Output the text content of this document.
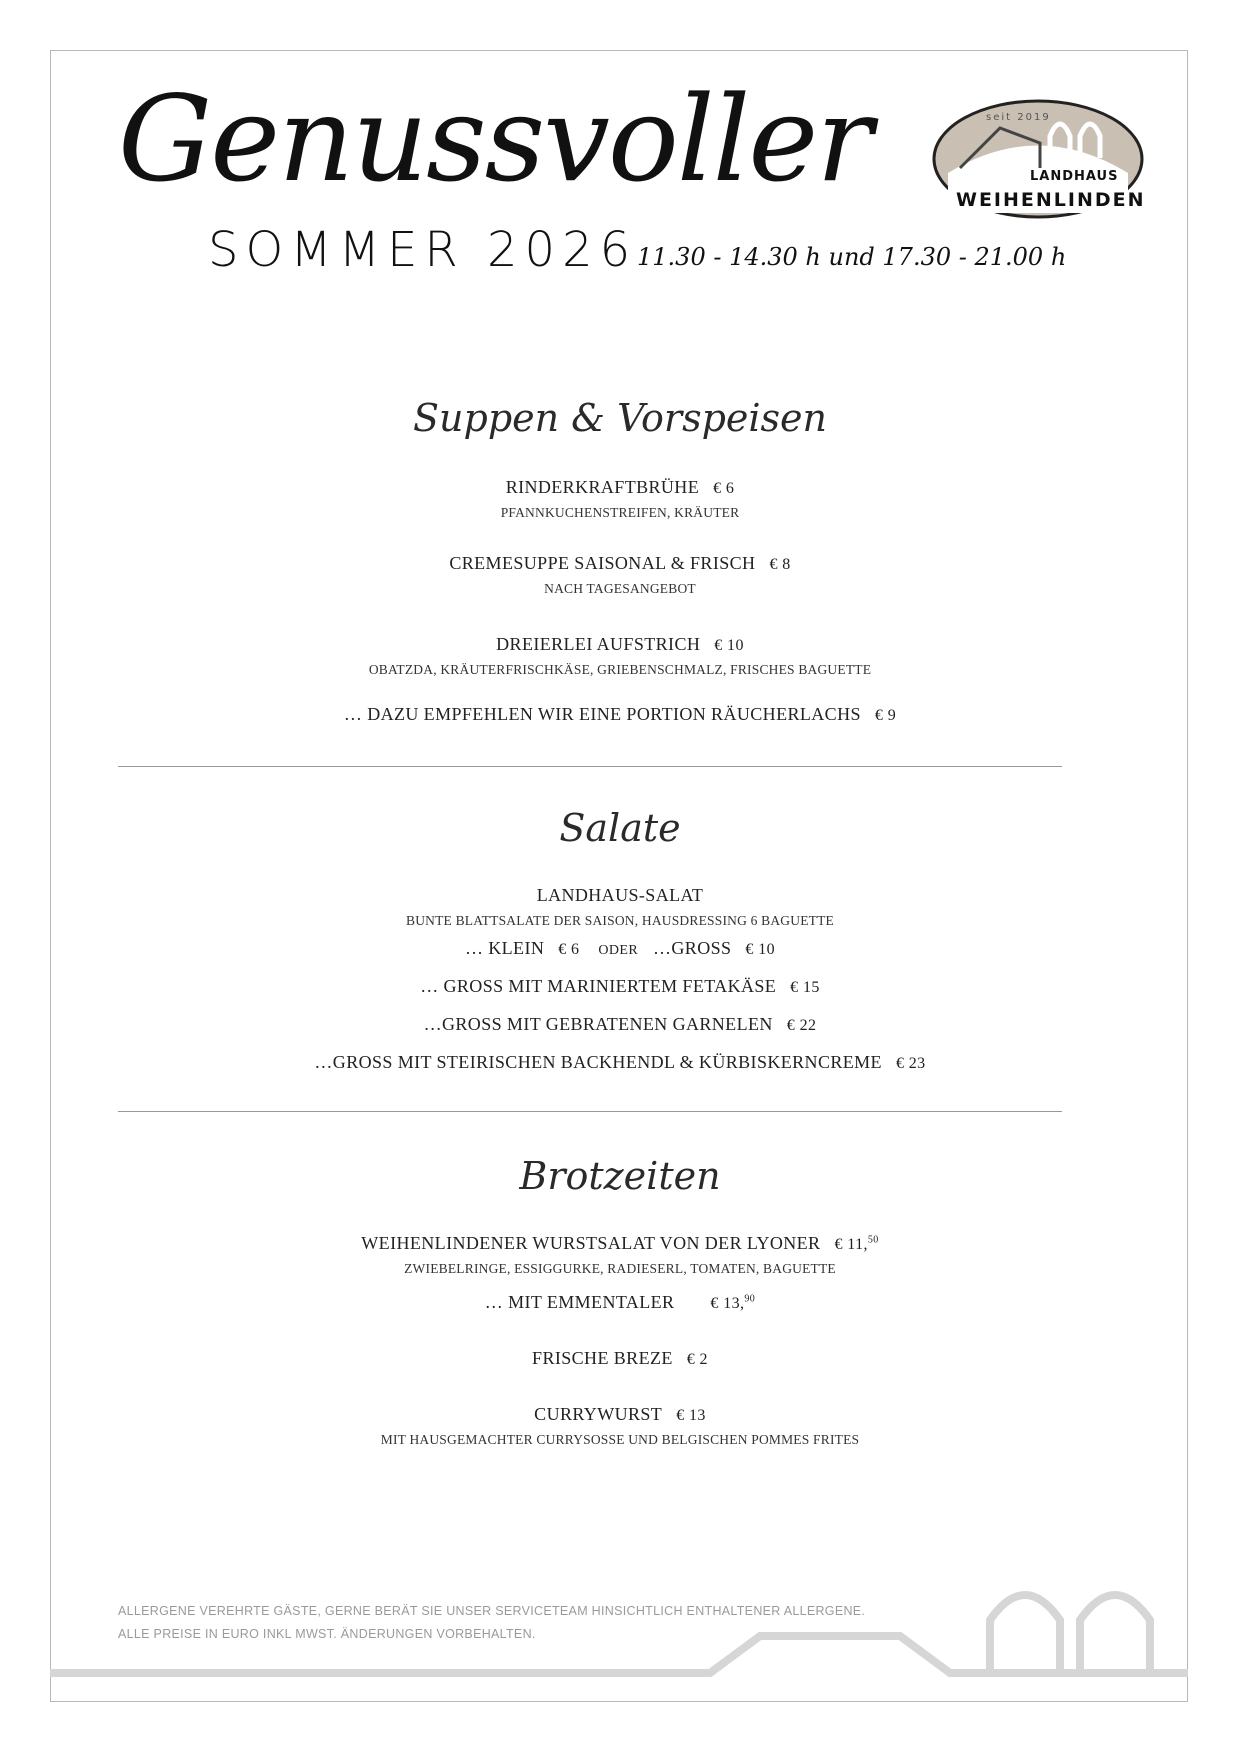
Genussvoller
SOMMER 2026 11.30 - 14.30 h und 17.30 - 21.00 h
seit 2019
LANDHAUS
WEIHENLINDEN
Suppen & Vorspeisen
RINDERKRAFTBRÜHE € 6
PFANNKUCHENSTREIFEN, KRÄUTER
CREMESUPPE SAISONAL & FRISCH € 8
NACH TAGESANGEBOT
DREIERLEI AUFSTRICH € 10
OBATZDA, KRÄUTERFRISCHKÄSE, GRIEBENSCHMALZ, FRISCHES BAGUETTE
… DAZU EMPFEHLEN WIR EINE PORTION RÄUCHERLACHS € 9
Salate
LANDHAUS-SALAT
BUNTE BLATTSALATE DER SAISON, HAUSDRESSING 6 BAGUETTE
… KLEIN € 6 ODER …GROSS € 10
… GROSS MIT MARINIERTEM FETAKÄSE € 15
…GROSS MIT GEBRATENEN GARNELEN € 22
…GROSS MIT STEIRISCHEN BACKHENDL & KÜRBISKERNCREME € 23
Brotzeiten
WEIHENLINDENER WURSTSALAT VON DER LYONER € 11,50
ZWIEBELRINGE, ESSIGGURKE, RADIESERL, TOMATEN, BAGUETTE
… MIT EMMENTALER € 13,90
FRISCHE BREZE € 2
CURRYWURST € 13
MIT HAUSGEMACHTER CURRYSOSSE UND BELGISCHEN POMMES FRITES
ALLERGENE VEREHRTE GÄSTE, GERNE BERÄT SIE UNSER SERVICETEAM HINSICHTLICH ENTHALTENER ALLERGENE.
ALLE PREISE IN EURO INKL MWST. ÄNDERUNGEN VORBEHALTEN.
